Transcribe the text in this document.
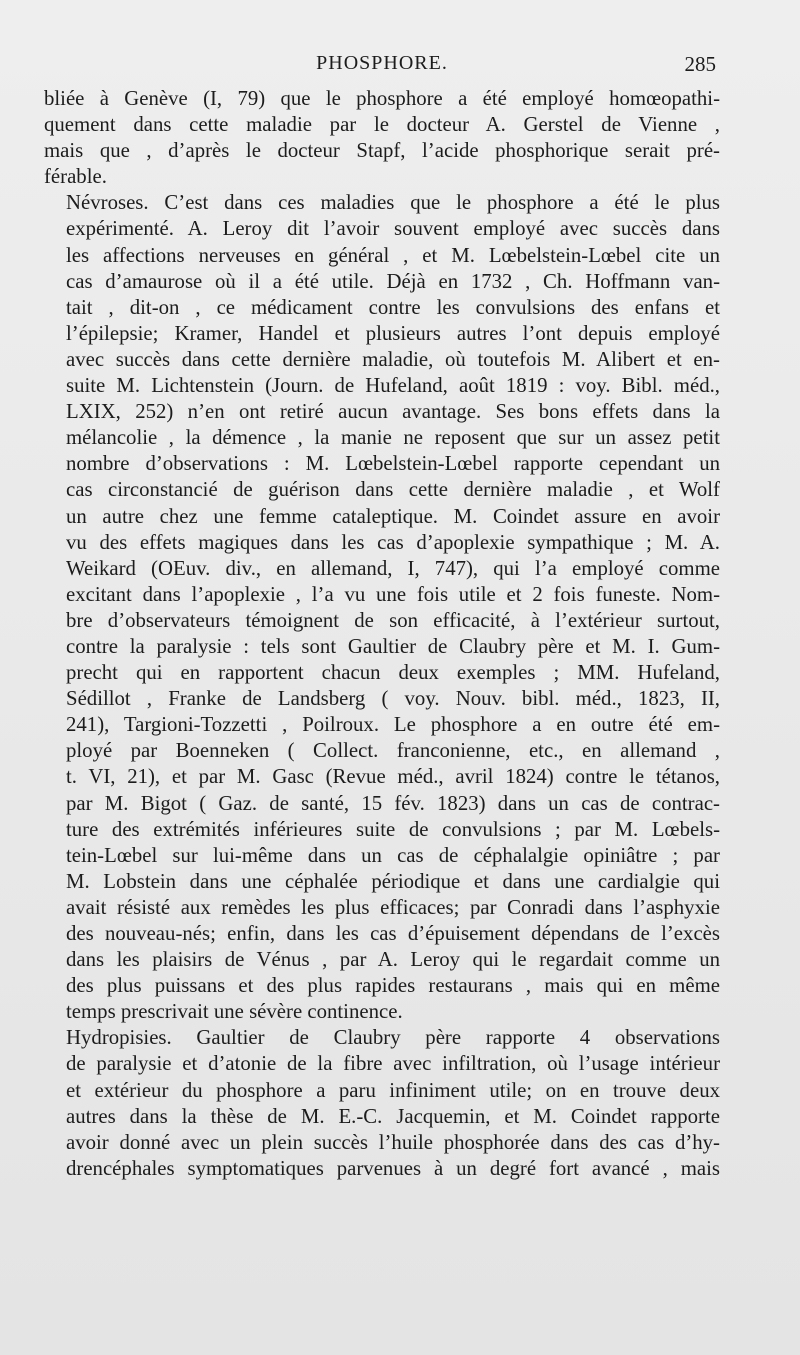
PHOSPHORE.	285

bliée à Genève (I, 79) que le phosphore a été employé homœopathi-
quement dans cette maladie par le docteur A. Gerstel de Vienne ,
mais que , d’après le docteur Stapf, l’acide phosphorique serait pré-
férable.

Névroses. C’est dans ces maladies que le phosphore a été le plus
expérimenté. A. Leroy dit l’avoir souvent employé avec succès dans
les affections nerveuses en général , et M. Lœbelstein-Lœbel cite un
cas d’amaurose où il a été utile. Déjà en 1732 , Ch. Hoffmann van-
tait , dit-on , ce médicament contre les convulsions des enfans et
l’épilepsie; Kramer, Handel et plusieurs autres l’ont depuis employé
avec succès dans cette dernière maladie, où toutefois M. Alibert et en-
suite M. Lichtenstein (Journ. de Hufeland, août 1819 : voy. Bibl. méd.,
LXIX, 252) n’en ont retiré aucun avantage. Ses bons effets dans la
mélancolie , la démence , la manie ne reposent que sur un assez petit
nombre d’observations : M. Lœbelstein-Lœbel rapporte cependant un
cas circonstancié de guérison dans cette dernière maladie , et Wolf
un autre chez une femme cataleptique. M. Coindet assure en avoir
vu des effets magiques dans les cas d’apoplexie sympathique ; M. A.
Weikard (OEuv. div., en allemand, I, 747), qui l’a employé comme
excitant dans l’apoplexie , l’a vu une fois utile et 2 fois funeste. Nom-
bre d’observateurs témoignent de son efficacité, à l’extérieur surtout,
contre la paralysie : tels sont Gaultier de Claubry père et M. I. Gum-
precht qui en rapportent chacun deux exemples ; MM. Hufeland,
Sédillot , Franke de Landsberg ( voy. Nouv. bibl. méd., 1823, II,
241), Targioni-Tozzetti , Poilroux. Le phosphore a en outre été em-
ployé par Boenneken ( Collect. franconienne, etc., en allemand ,
t. VI, 21), et par M. Gasc (Revue méd., avril 1824) contre le tétanos,
par M. Bigot ( Gaz. de santé, 15 fév. 1823) dans un cas de contrac-
ture des extrémités inférieures suite de convulsions ; par M. Lœbels-
tein-Lœbel sur lui-même dans un cas de céphalalgie opiniâtre ; par
M. Lobstein dans une céphalée périodique et dans une cardialgie qui
avait résisté aux remèdes les plus efficaces; par Conradi dans l’asphyxie
des nouveau-nés; enfin, dans les cas d’épuisement dépendans de l’excès
dans les plaisirs de Vénus , par A. Leroy qui le regardait comme un
des plus puissans et des plus rapides restaurans , mais qui en même
temps prescrivait une sévère continence.

Hydropisies. Gaultier de Claubry père rapporte 4 observations
de paralysie et d’atonie de la fibre avec infiltration, où l’usage intérieur
et extérieur du phosphore a paru infiniment utile; on en trouve deux
autres dans la thèse de M. E.-C. Jacquemin, et M. Coindet rapporte
avoir donné avec un plein succès l’huile phosphorée dans des cas d’hy-
drencéphales symptomatiques parvenues à un degré fort avancé , mais
